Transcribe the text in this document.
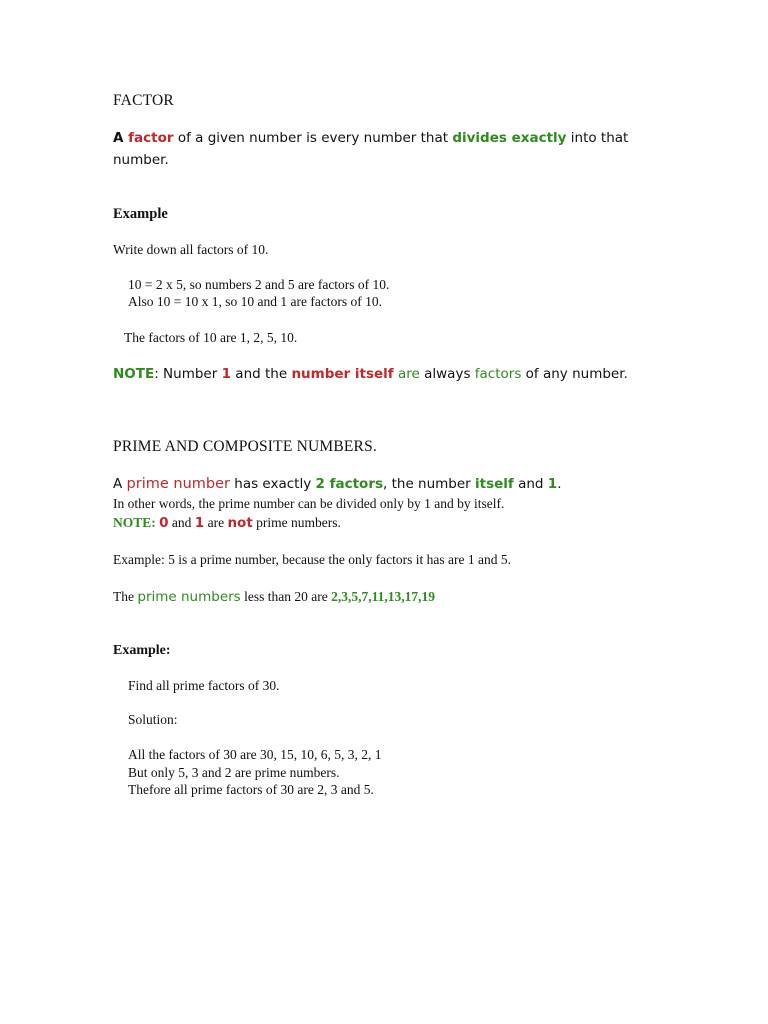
FACTOR
A factor of a given number is every number that divides exactly into that
number.
Example
Write down all factors of 10.
10 = 2 x 5, so numbers 2 and 5 are factors of 10.
Also 10 = 10 x 1, so 10 and 1 are factors of 10.
The factors of 10 are 1, 2, 5, 10.
NOTE: Number 1 and the number itself are always factors of any number.
PRIME AND COMPOSITE NUMBERS.
A prime number has exactly 2 factors, the number itself and 1.
In other words, the prime number can be divided only by 1 and by itself.
NOTE: 0 and 1 are not prime numbers.
Example: 5 is a prime number, because the only factors it has are 1 and 5.
The prime numbers less than 20 are 2,3,5,7,11,13,17,19
Example:
Find all prime factors of 30.
Solution:
All the factors of 30 are 30, 15, 10, 6, 5, 3, 2, 1
But only 5, 3 and 2 are prime numbers.
Thefore all prime factors of 30 are 2, 3 and 5.
